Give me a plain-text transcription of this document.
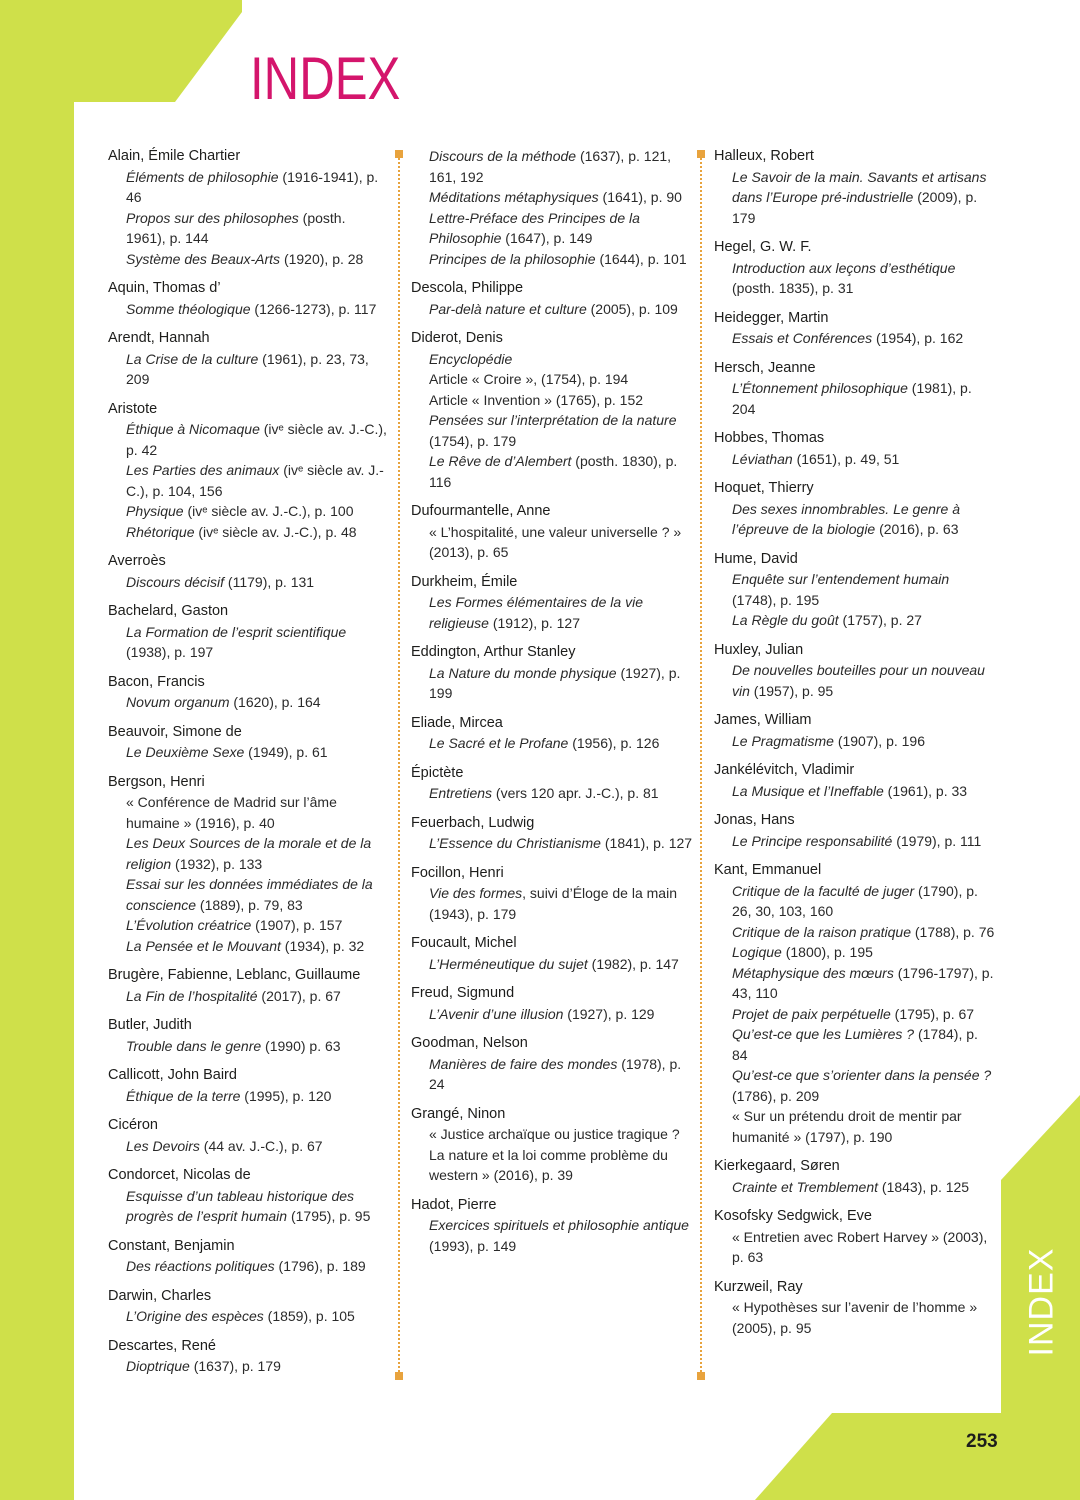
INDEX
Alain, Émile Chartier
Éléments de philosophie (1916-1941), p. 46
Propos sur des philosophes (posth. 1961), p. 144
Système des Beaux-Arts (1920), p. 28
Aquin, Thomas d’
Somme théologique (1266-1273), p. 117
Arendt, Hannah
La Crise de la culture (1961), p. 23, 73, 209
Aristote
Éthique à Nicomaque (ivᵉ siècle av. J.-C.), p. 42
Les Parties des animaux (ivᵉ siècle av. J.-C.), p. 104, 156
Physique (ivᵉ siècle av. J.-C.), p. 100
Rhétorique (ivᵉ siècle av. J.-C.), p. 48
Averroès
Discours décisif (1179), p. 131
Bachelard, Gaston
La Formation de l’esprit scientifique (1938), p. 197
Bacon, Francis
Novum organum (1620), p. 164
Beauvoir, Simone de
Le Deuxième Sexe (1949), p. 61
Bergson, Henri
« Conférence de Madrid sur l’âme humaine » (1916), p. 40
Les Deux Sources de la morale et de la religion (1932), p. 133
Essai sur les données immédiates de la conscience (1889), p. 79, 83
L’Évolution créatrice (1907), p. 157
La Pensée et le Mouvant (1934), p. 32
Brugère, Fabienne, Leblanc, Guillaume
La Fin de l’hospitalité (2017), p. 67
Butler, Judith
Trouble dans le genre (1990) p. 63
Callicott, John Baird
Éthique de la terre (1995), p. 120
Cicéron
Les Devoirs (44 av. J.-C.), p. 67
Condorcet, Nicolas de
Esquisse d’un tableau historique des progrès de l’esprit humain (1795), p. 95
Constant, Benjamin
Des réactions politiques (1796), p. 189
Darwin, Charles
L’Origine des espèces (1859), p. 105
Descartes, René
Dioptrique (1637), p. 179
Discours de la méthode (1637), p. 121, 161, 192
Méditations métaphysiques (1641), p. 90
Lettre-Préface des Principes de la Philosophie (1647), p. 149
Principes de la philosophie (1644), p. 101
Descola, Philippe
Par-delà nature et culture (2005), p. 109
Diderot, Denis
Encyclopédie
Article « Croire », (1754), p. 194
Article « Invention » (1765), p. 152
Pensées sur l’interprétation de la nature (1754), p. 179
Le Rêve de d’Alembert (posth. 1830), p. 116
Dufourmantelle, Anne
« L’hospitalité, une valeur universelle ? » (2013), p. 65
Durkheim, Émile
Les Formes élémentaires de la vie religieuse (1912), p. 127
Eddington, Arthur Stanley
La Nature du monde physique (1927), p. 199
Eliade, Mircea
Le Sacré et le Profane (1956), p. 126
Épictète
Entretiens (vers 120 apr. J.-C.), p. 81
Feuerbach, Ludwig
L’Essence du Christianisme (1841), p. 127
Focillon, Henri
Vie des formes, suivi d’Éloge de la main (1943), p. 179
Foucault, Michel
L’Herméneutique du sujet (1982), p. 147
Freud, Sigmund
L’Avenir d’une illusion (1927), p. 129
Goodman, Nelson
Manières de faire des mondes (1978), p. 24
Grangé, Ninon
« Justice archaïque ou justice tragique ? La nature et la loi comme problème du western » (2016), p. 39
Hadot, Pierre
Exercices spirituels et philosophie antique (1993), p. 149
Halleux, Robert
Le Savoir de la main. Savants et artisans dans l’Europe pré-industrielle (2009), p. 179
Hegel, G. W. F.
Introduction aux leçons d’esthétique (posth. 1835), p. 31
Heidegger, Martin
Essais et Conférences (1954), p. 162
Hersch, Jeanne
L’Étonnement philosophique (1981), p. 204
Hobbes, Thomas
Léviathan (1651), p. 49, 51
Hoquet, Thierry
Des sexes innombrables. Le genre à l’épreuve de la biologie (2016), p. 63
Hume, David
Enquête sur l’entendement humain (1748), p. 195
La Règle du goût (1757), p. 27
Huxley, Julian
De nouvelles bouteilles pour un nouveau vin (1957), p. 95
James, William
Le Pragmatisme (1907), p. 196
Jankélévitch, Vladimir
La Musique et l’Ineffable (1961), p. 33
Jonas, Hans
Le Principe responsabilité (1979), p. 111
Kant, Emmanuel
Critique de la faculté de juger (1790), p. 26, 30, 103, 160
Critique de la raison pratique (1788), p. 76
Logique (1800), p. 195
Métaphysique des mœurs (1796-1797), p. 43, 110
Projet de paix perpétuelle (1795), p. 67
Qu’est-ce que les Lumières ? (1784), p. 84
Qu’est-ce que s’orienter dans la pensée ? (1786), p. 209
« Sur un prétendu droit de mentir par humanité » (1797), p. 190
Kierkegaard, Søren
Crainte et Tremblement (1843), p. 125
Kosofsky Sedgwick, Eve
« Entretien avec Robert Harvey » (2003), p. 63
Kurzweil, Ray
« Hypothèses sur l’avenir de l’homme » (2005), p. 95	INDEX
253
